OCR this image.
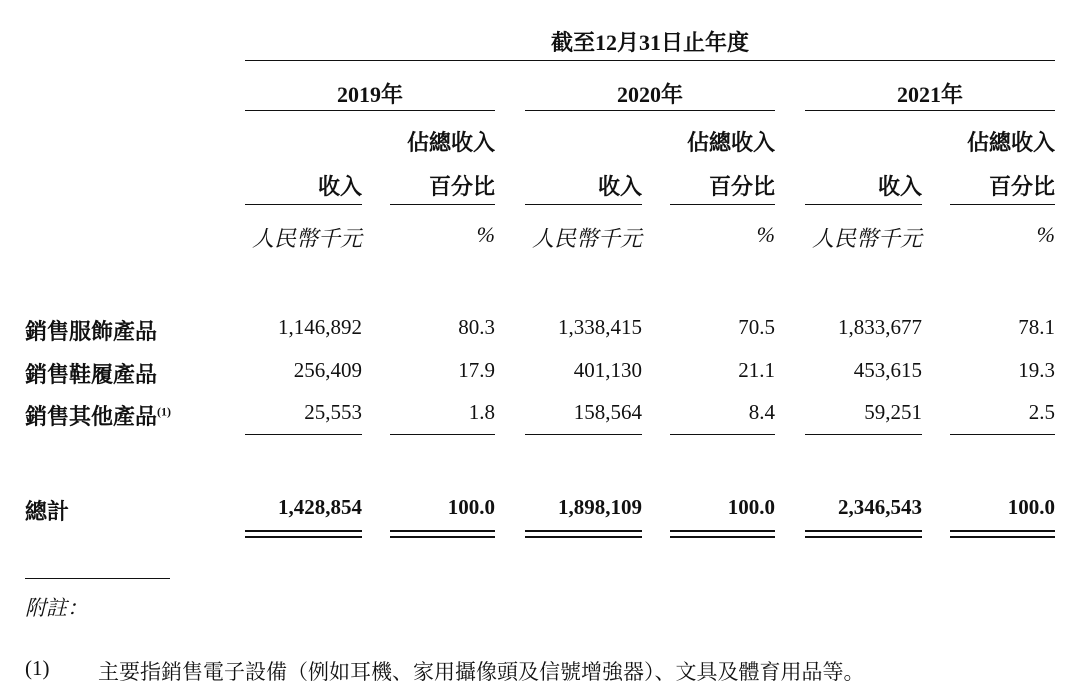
截至12月31日止年度
2019年	2020年	2021年
佔總收入	佔總收入	佔總收入
收入	百分比	收入	百分比	收入	百分比
人民幣千元	%	人民幣千元	%	人民幣千元	%
銷售服飾產品	1,146,892	80.3	1,338,415	70.5	1,833,677	78.1
銷售鞋履產品	256,409	17.9	401,130	21.1	453,615	19.3
銷售其他產品$^{(1)}$	25,553	1.8	158,564	8.4	59,251	2.5
總計	1,428,854	100.0	1,898,109	100.0	2,346,543	100.0
附註：
(1) 主要指銷售電子設備（例如耳機、家用攝像頭及信號增強器）、文具及體育用品等。
